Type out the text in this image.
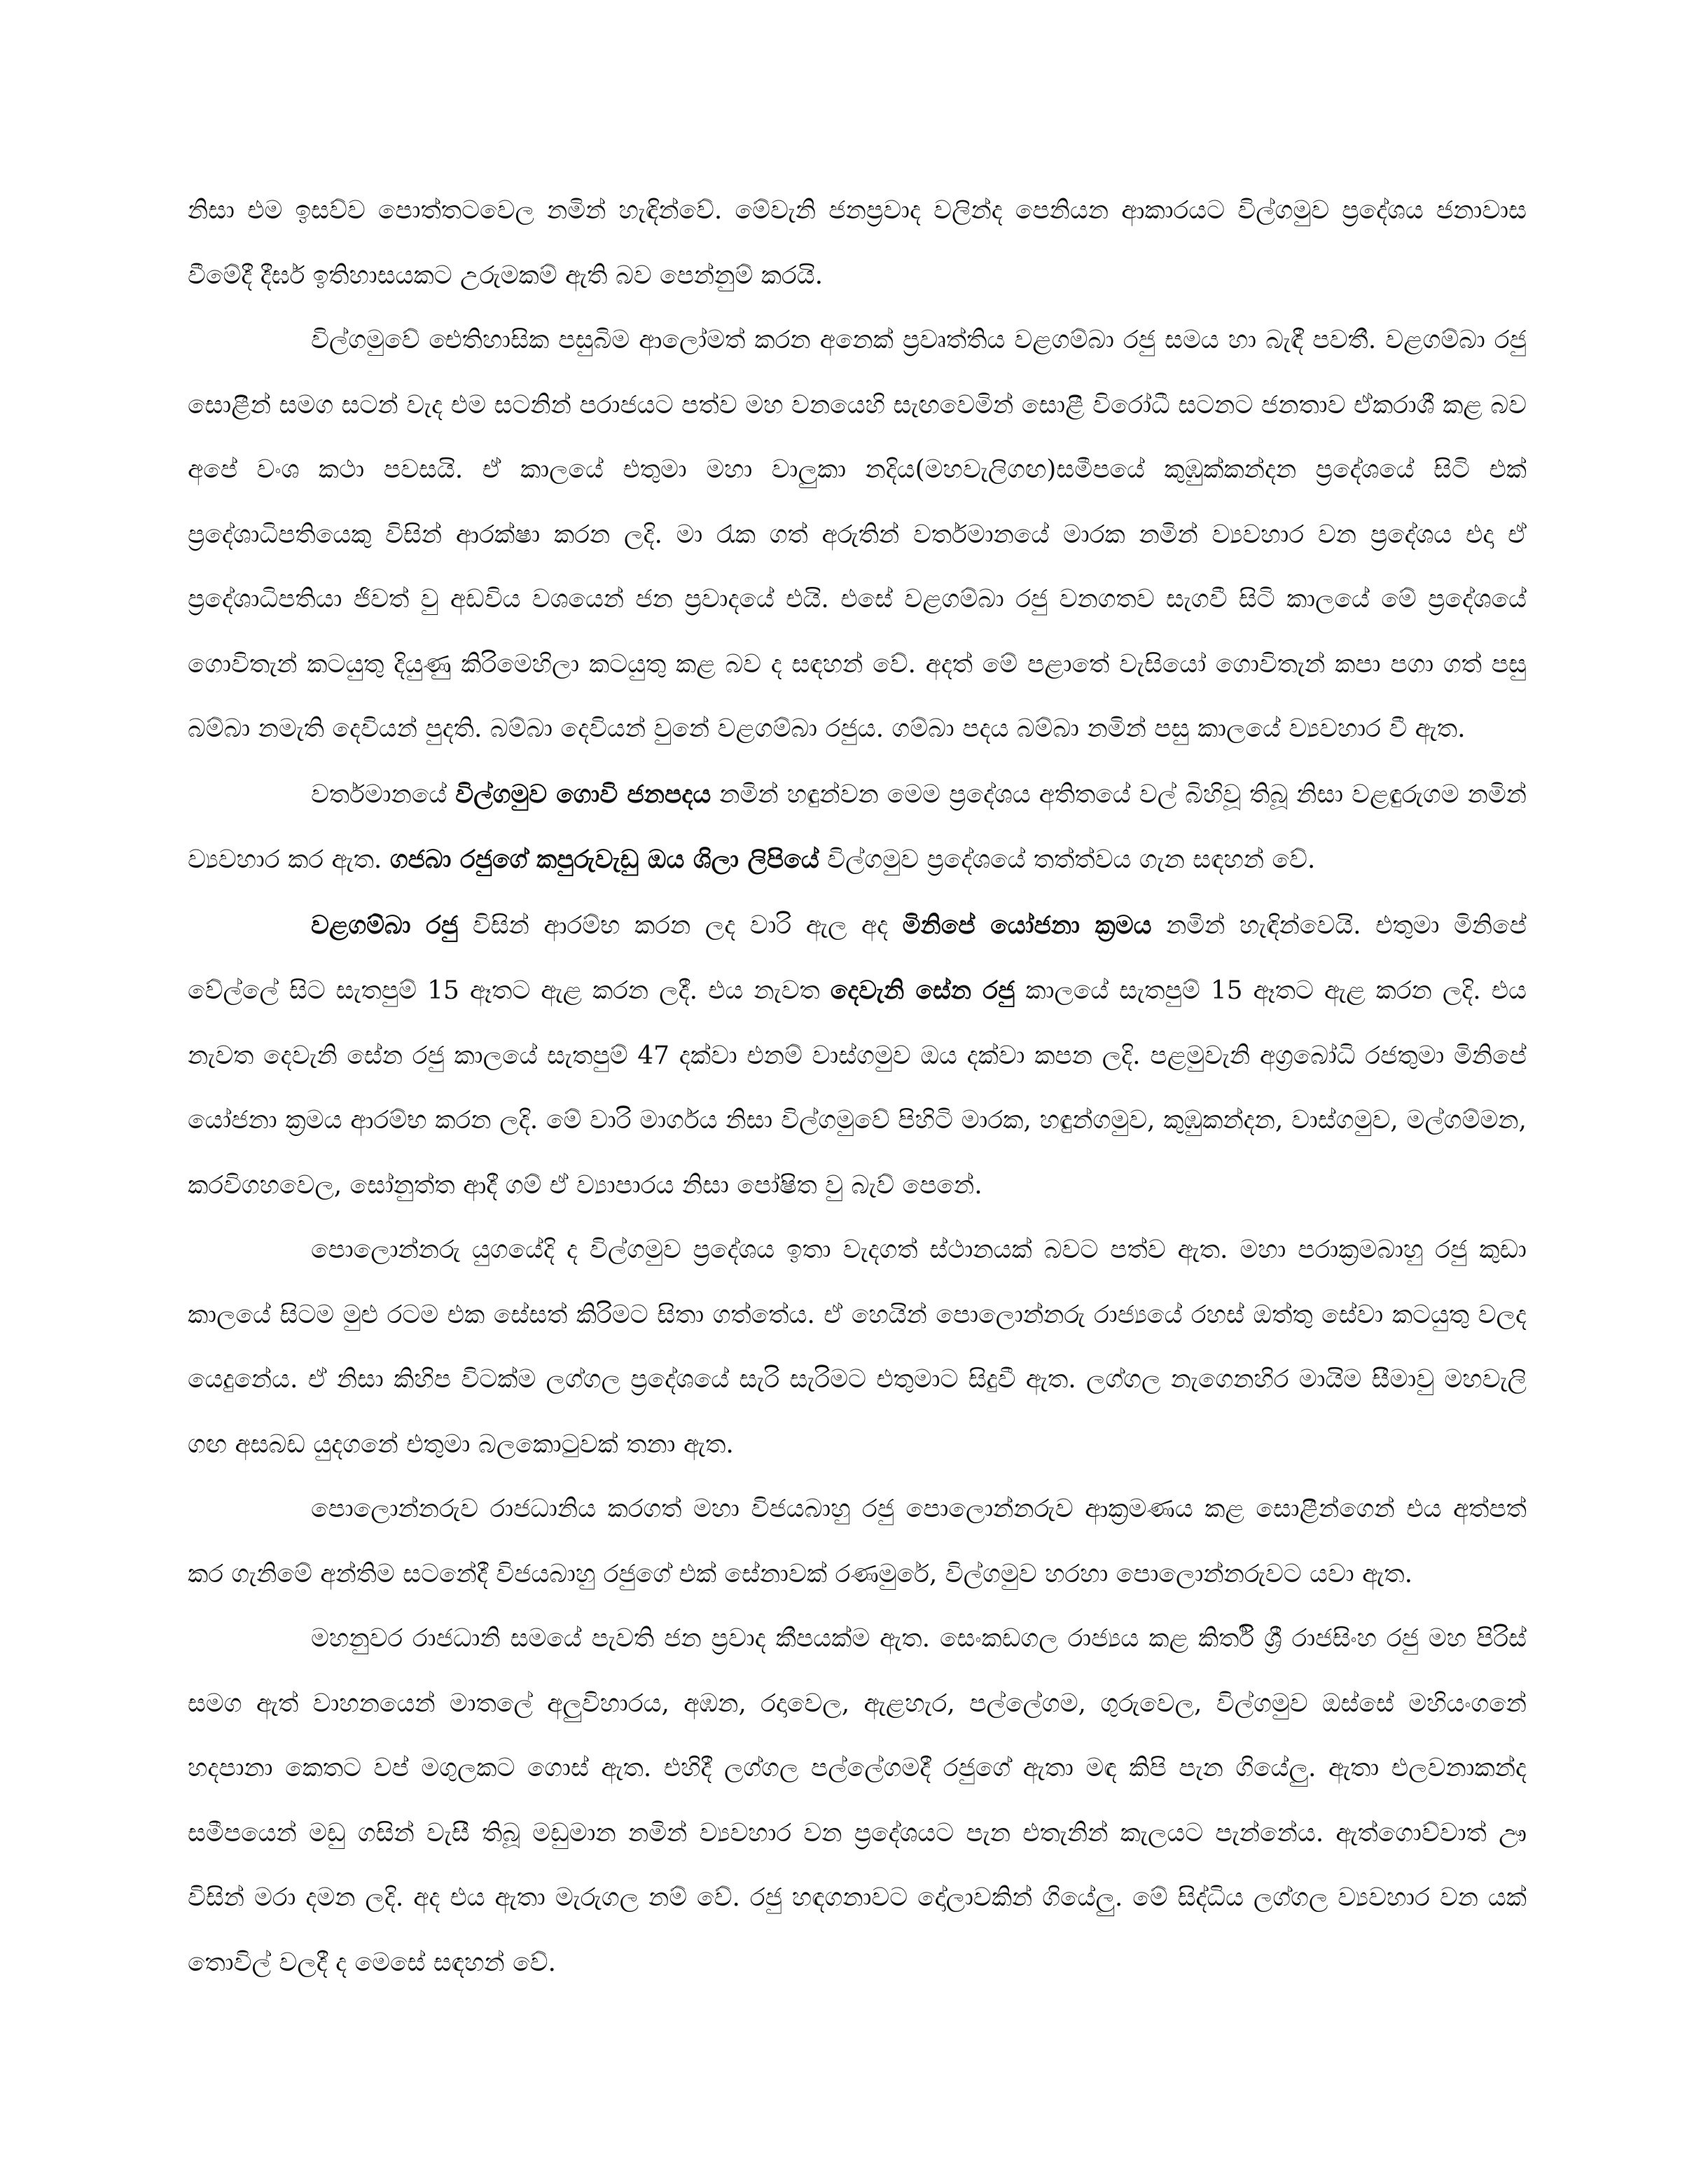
නිසා එම ඉසව්ව පොත්තටවෙල නමින් හැඳින්වේ. මේවැනි ජනප්‍රවාද වලින්ද පෙනියන ආකාරයට විල්ගමුව ප්‍රදේශය ජනාවාස වීමේදී දීර්ඝ ඉතිහාසයකට උරුමකම් ඇති බව පෙන්නුම් කරයි.

විල්ගමුවේ ඓතිහාසික පසුබිම ආලෝමත් කරන අනෙක් ප්‍රවෘත්තිය වළගම්බා රජු සමය හා බැඳී පවතී. වළගම්බා රජු සොළීන් සමග සටන් වැද එම සටනින් පරාජයට පත්ව මහ වනයෙහි සැඟවෙමින් සොළී විරෝධී සටනට ජනතාව ඒකරාශී කළ බව අපේ වංශ කථා පවසයි. ඒ කාලයේ එතුමා මහා වාලුකා නදිය(මහවැලිගඟ)සමීපයේ කුඹුක්කන්දන ප්‍රදේශයේ සිටි එක් ප්‍රදේශාධිපතියෙකු විසින් ආරක්ෂා කරන ලදි. මා රැක ගත් අරුතින් වර්තමානයේ මාරක නමින් ව්‍යවහාර වන ප්‍රදේශය එදා ඒ ප්‍රදේශාධිපතියා ජිවත් වු අඩවිය වශයෙන් ජන ප්‍රවාදයේ එයි. එසේ වළගම්බා රජු වනගතව සැගවී සිටි කාලයේ මේ ප්‍රදේශයේ ගොවිතැන් කටයුතු දියුණු කිරිමෙහිලා කටයුතු කළ බව ද සඳහන් වේ. අදත් මේ පළාතේ වැසියෝ ගොවිතැන් කපා පගා ගත් පසු බම්බා නමැති දෙවියන් පුදති. බම්බා දෙවියන් වුනේ වළගම්බා රජුය. ගම්බා පදය බම්බා නමින් පසු කාලයේ ව්‍යවහාර වී ඇත.

වර්තමානයේ විල්ගමුව ගොවි ජනපදය නමින් හඳුන්වන මෙම ප්‍රදේශය අතිතයේ වල් බිහිවූ තිබූ නිසා වළඳුරුගම නමින් ව්‍යවහාර කර ඇත. ගජබා රජුගේ කපුරුවැඩු ඔය ශිලා ලිපියේ විල්ගමුව ප්‍රදේශයේ තත්ත්වය ගැන සඳහන් වේ.

වළගම්බා රජු විසින් ආරම්භ කරන ලද වාරි ඇල අද මිනිපේ යෝජනා ක්‍රමය නමින් හැඳින්වෙයි. එතුමා මිනිපේ වේල්ලේ සිට සැතපුම් 15 ඈතට ඇළ කරන ලදී. එය නැවත දෙවැනි සේන රජු කාලයේ සැතපුම් 15 ඈතට ඇළ කරන ලදි. එය නැවත දෙවැනි සේන රජු කාලයේ සැතපුම් 47 දක්වා එනම් වාස්ගමුව ඔය දක්වා කපන ලදි. පළමුවැනි අග්‍රබෝධි රජතුමා මිනිපේ යෝජනා ක්‍රමය ආරම්භ කරන ලදි. මේ වාරි මාර්ගය නිසා විල්ගමුවේ පිහිටි මාරක, හඳුන්ගමුව, කුඹුකන්දන, වාස්ගමුව, මල්ගම්මන, කරවිගහවෙල, සෝනුත්ත ආදී ගම් ඒ ව්‍යාපාරය නිසා පෝෂිත වු බැව් පෙනේ.

පොලොන්නරු යුගයේදි ද විල්ගමුව ප්‍රදේශය ඉතා වැදගත් ස්ථානයක් බවට පත්ව ඇත. මහා පරාක්‍රමබාහු රජු කුඩා කාලයේ සිටම මුළු රටම එක සේසත් කිරිමට සිතා ගත්තේය. ඒ හෙයින් පොලොන්නරු රාජ්‍යයේ රහස් ඔත්තු සේවා කටයුතු වලද යෙදුනේය. ඒ නිසා කිහිප විටක්ම ලග්ගල ප්‍රදේශයේ සැරි සැරිමට එතුමාට සිදුවී ඇත. ලග්ගල නැගෙනහිර මායිම සීමාවු මහවැලි ගඟ අසබඩ යුදගනේ එතුමා බලකොටුවක් තනා ඇත.

පොලොන්නරුව රාජධානිය කරගත් මහා විජයබාහු රජු පොලොන්නරුව ආක්‍රමණය කළ සොළීන්ගෙන් එය අත්පත් කර ගැනිමේ අන්තිම සටනේදී විජයබාහු රජුගේ එක් සේනාවක් රණමුරේ, විල්ගමුව හරහා පොලොන්නරුවට යවා ඇත.

මහනුවර රාජධානි සමයේ පැවති ජන ප්‍රවාද කීපයක්ම ඇත. සෙංකඩගල රාජ්‍යය කළ කිර්ති ශ්‍රී රාජසිංහ රජු මහ පිරිස් සමග ඇත් වාහනයෙන් මාතලේ අලුවිහාරය, අඹන, රදාවෙල, ඇළහැර, පල්ලේගම, ගුරුවෙල, විල්ගමුව ඔස්සේ මහියංගනේ හදපානා කෙතට වප් මගුලකට ගොස් ඇත. එහිදී ලග්ගල පල්ලේගමදී රජුගේ ඇතා මඳ කිපි පැන ගියේලු. ඇතා එලවනාකන්ද සමීපයෙන් මඩු ගසින් වැසී තිබූ මඩුමාන නමින් ව්‍යවහාර වන ප්‍රදේශයට පැන එතැනින් කැලයට පැන්නේය. ඇත්ගොව්වාත් ඌ විසින් මරා දමන ලදි. අද එය ඇතා මැරුගල නම් වේ. රජු හඳගනාවට දෝලාවකින් ගියේලු. මේ සිද්ධිය ලග්ගල ව්‍යවහාර වන යක් තොවිල් වලදී ද මෙසේ සඳහන් වේ.
